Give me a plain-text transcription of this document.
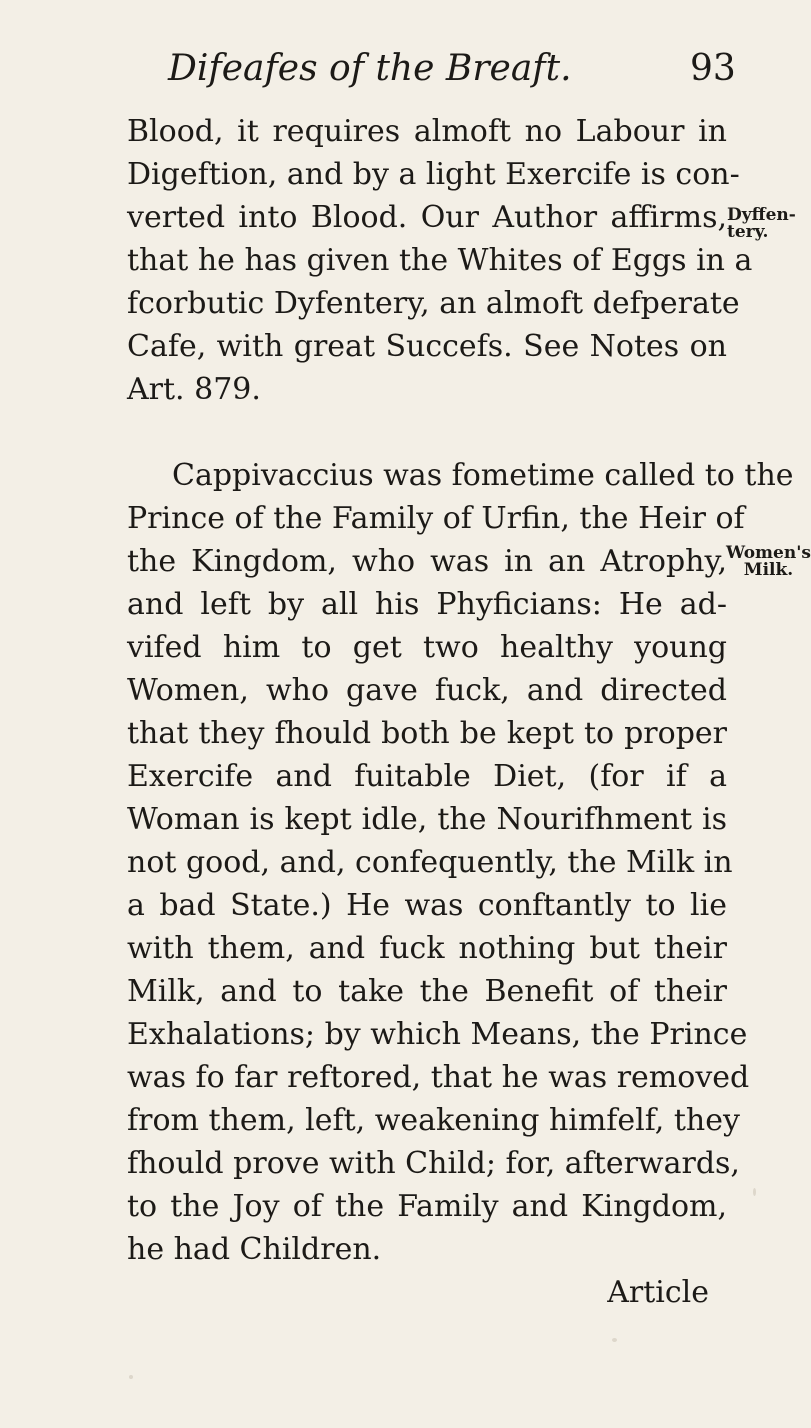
Difeafes of the Breaft.	93
Blood, it requires almoft no Labour in
Digeftion, and by a light Exercife is con-
verted into Blood. Our Author affirms,
that he has given the Whites of Eggs in a
fcorbutic Dyfentery, an almoft defperate
Cafe, with great Succefs. See Notes on
Art. 879.
Cappivaccius was fometime called to the
Prince of the Family of Urfin, the Heir of
the Kingdom, who was in an Atrophy,
and left by all his Phyficians: He ad-
vifed him to get two healthy young
Women, who gave fuck, and directed
that they fhould both be kept to proper
Exercife and fuitable Diet, (for if a
Woman is kept idle, the Nourifhment is
not good, and, confequently, the Milk in
a bad State.) He was conftantly to lie
with them, and fuck nothing but their
Milk, and to take the Benefit of their
Exhalations; by which Means, the Prince
was fo far reftored, that he was removed
from them, left, weakening himfelf, they
fhould prove with Child; for, afterwards,
to the Joy of the Family and Kingdom,
he had Children.
Article
Dyffen-
tery.
Women's
Milk.
